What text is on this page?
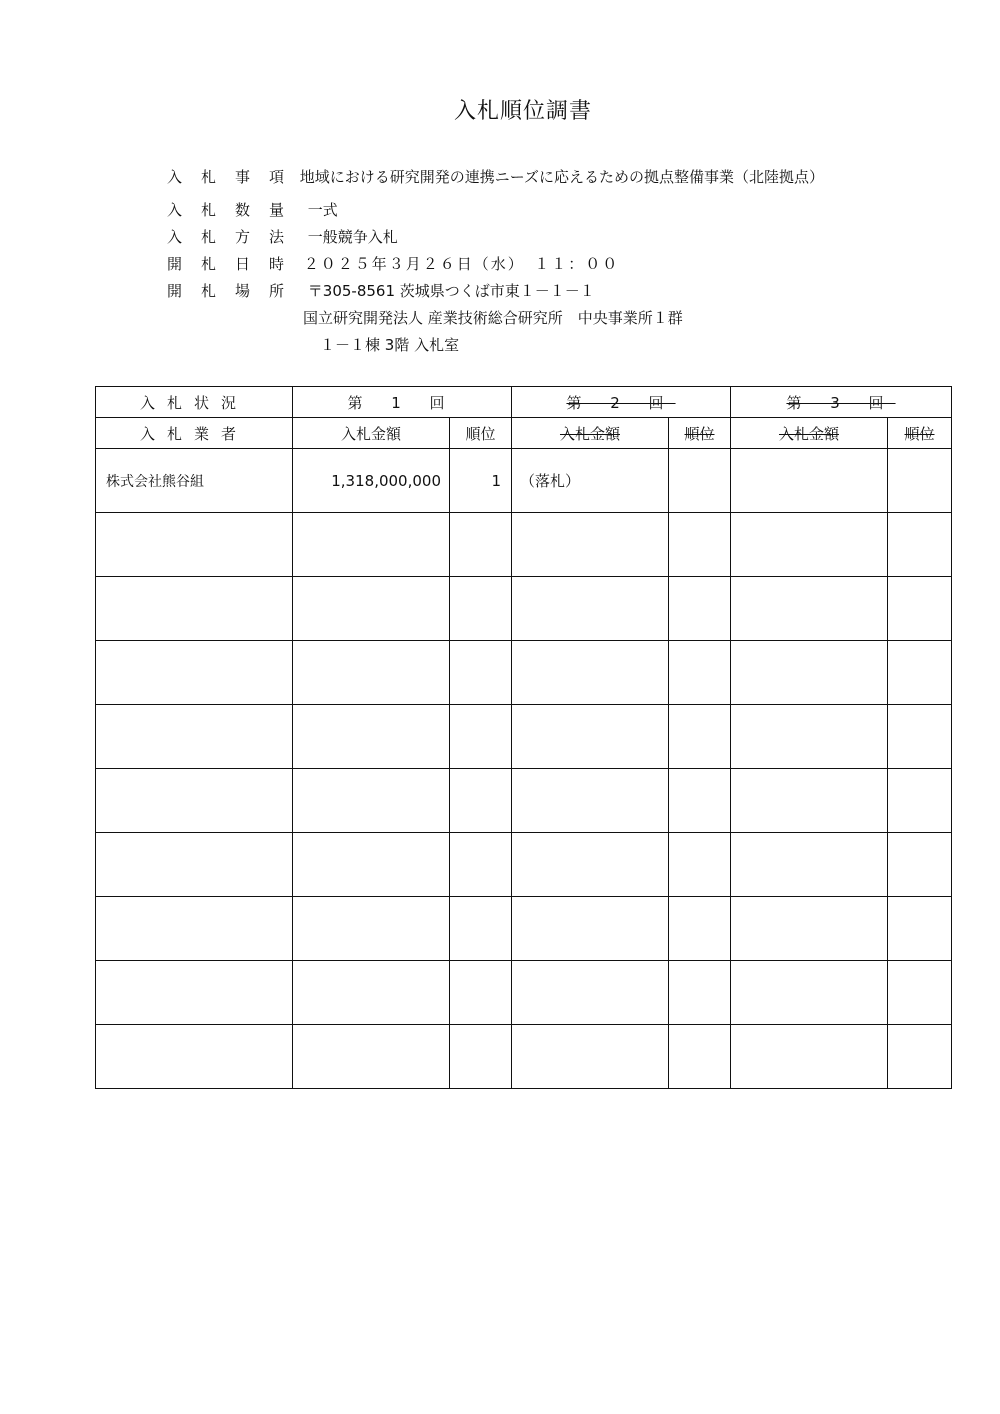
入札順位調書
入 札 事 項 地域における研究開発の連携ニーズに応えるための拠点整備事業（北陸拠点）
入 札 数 量 一式
入 札 方 法 一般競争入札
開 札 日 時 ２０２５年３月２６日（水）　１１：００
開 札 場 所 〒305-8561 茨城県つくば市東１－１－１
国立研究開発法人 産業技術総合研究所　中央事業所１群
１－１棟 3階 入札室
入札状況	第 1 回		第 2 回		第 3 回	
入札業者	入札金額	順位	入札金額	順位	入札金額	順位
株式会社熊谷組	1,318,000,000	1	（落札）			
